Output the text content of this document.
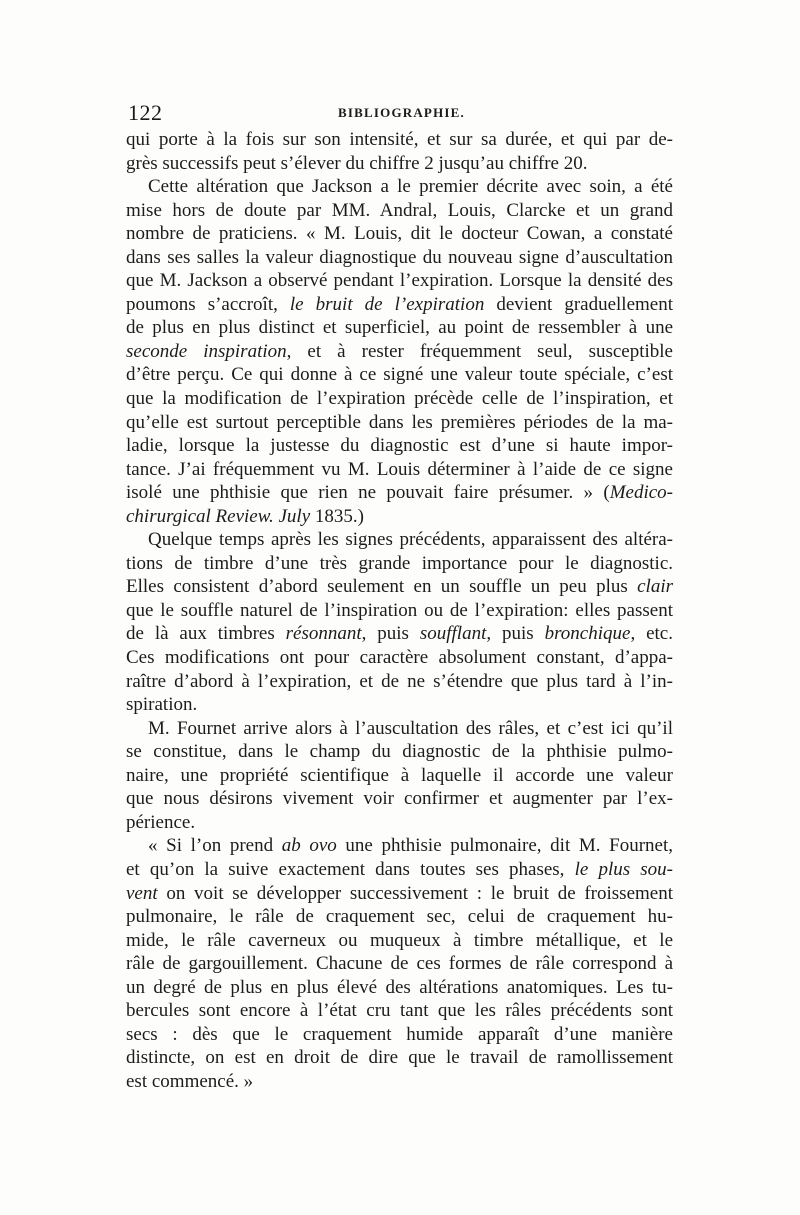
122	BIBLIOGRAPHIE.
qui porte à la fois sur son intensité, et sur sa durée, et qui par de-
grès successifs peut s’élever du chiffre 2 jusqu’au chiffre 20.
Cette altération que Jackson a le premier décrite avec soin, a été
mise hors de doute par MM. Andral, Louis, Clarcke et un grand
nombre de praticiens. « M. Louis, dit le docteur Cowan, a constaté
dans ses salles la valeur diagnostique du nouveau signe d’auscultation
que M. Jackson a observé pendant l’expiration. Lorsque la densité des
poumons s’accroît, le bruit de l’expiration devient graduellement
de plus en plus distinct et superficiel, au point de ressembler à une
seconde inspiration, et à rester fréquemment seul, susceptible
d’être perçu. Ce qui donne à ce signé une valeur toute spéciale, c’est
que la modification de l’expiration précède celle de l’inspiration, et
qu’elle est surtout perceptible dans les premières périodes de la ma-
ladie, lorsque la justesse du diagnostic est d’une si haute impor-
tance. J’ai fréquemment vu M. Louis déterminer à l’aide de ce signe
isolé une phthisie que rien ne pouvait faire présumer. » (Medico-
chirurgical Review. July 1835.)
Quelque temps après les signes précédents, apparaissent des altéra-
tions de timbre d’une très grande importance pour le diagnostic.
Elles consistent d’abord seulement en un souffle un peu plus clair
que le souffle naturel de l’inspiration ou de l’expiration: elles passent
de là aux timbres résonnant, puis soufflant, puis bronchique, etc.
Ces modifications ont pour caractère absolument constant, d’appa-
raître d’abord à l’expiration, et de ne s’étendre que plus tard à l’in-
spiration.
M. Fournet arrive alors à l’auscultation des râles, et c’est ici qu’il
se constitue, dans le champ du diagnostic de la phthisie pulmo-
naire, une propriété scientifique à laquelle il accorde une valeur
que nous désirons vivement voir confirmer et augmenter par l’ex-
périence.
« Si l’on prend ab ovo une phthisie pulmonaire, dit M. Fournet,
et qu’on la suive exactement dans toutes ses phases, le plus sou-
vent on voit se développer successivement : le bruit de froissement
pulmonaire, le râle de craquement sec, celui de craquement hu-
mide, le râle caverneux ou muqueux à timbre métallique, et le
râle de gargouillement. Chacune de ces formes de râle correspond à
un degré de plus en plus élevé des altérations anatomiques. Les tu-
bercules sont encore à l’état cru tant que les râles précédents sont
secs : dès que le craquement humide apparaît d’une manière
distincte, on est en droit de dire que le travail de ramollissement
est commencé. »
